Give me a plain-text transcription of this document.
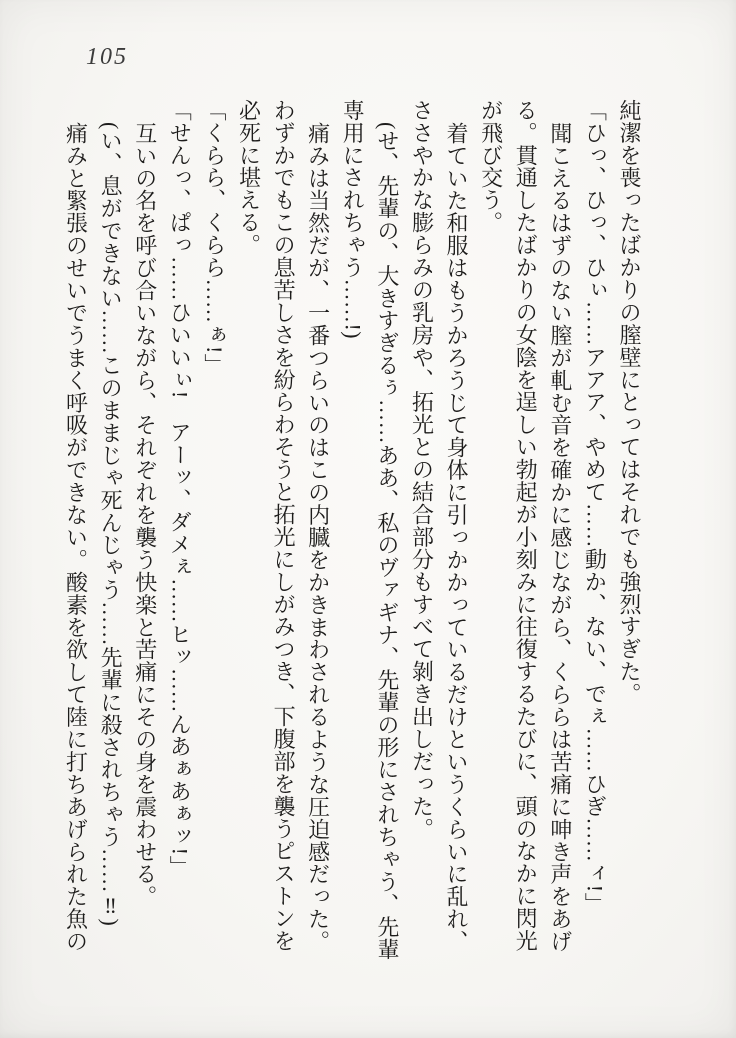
105
純潔を喪ったばかりの膣壁にとってはそれでも強烈すぎた。
「ひっ、ひっ、ひぃ……アアア、やめて……動か、ない、でぇ……ひぎ……ィ!」
聞こえるはずのない膣が軋む音を確かに感じながら、くららは苦痛に呻き声をあげ
る。貫通したばかりの女陰を逞しい勃起が小刻みに往復するたびに、頭のなかに閃光
が飛び交う。
着ていた和服はもうかろうじて身体に引っかかっているだけというくらいに乱れ、
ささやかな膨らみの乳房や、拓光との結合部分もすべて剝き出しだった。
(せ、先輩の、大きすぎるぅ……ああ、私のヴァギナ、先輩の形にされちゃう、先輩
専用にされちゃう……!)
痛みは当然だが、一番つらいのはこの内臓をかきまわされるような圧迫感だった。
わずかでもこの息苦しさを紛らわそうと拓光にしがみつき、下腹部を襲うピストンを
必死に堪える。
「くらら、くらら……ぁ!」
「せんっ、ぱっ……ひいいぃ!　アーッ、ダメぇ……ヒッ……んあぁあぁッ!」
互いの名を呼び合いながら、それぞれを襲う快楽と苦痛にその身を震わせる。
(い、息ができない……このままじゃ死んじゃう……先輩に殺されちゃう……‼)
痛みと緊張のせいでうまく呼吸ができない。酸素を欲して陸に打ちあげられた魚の
